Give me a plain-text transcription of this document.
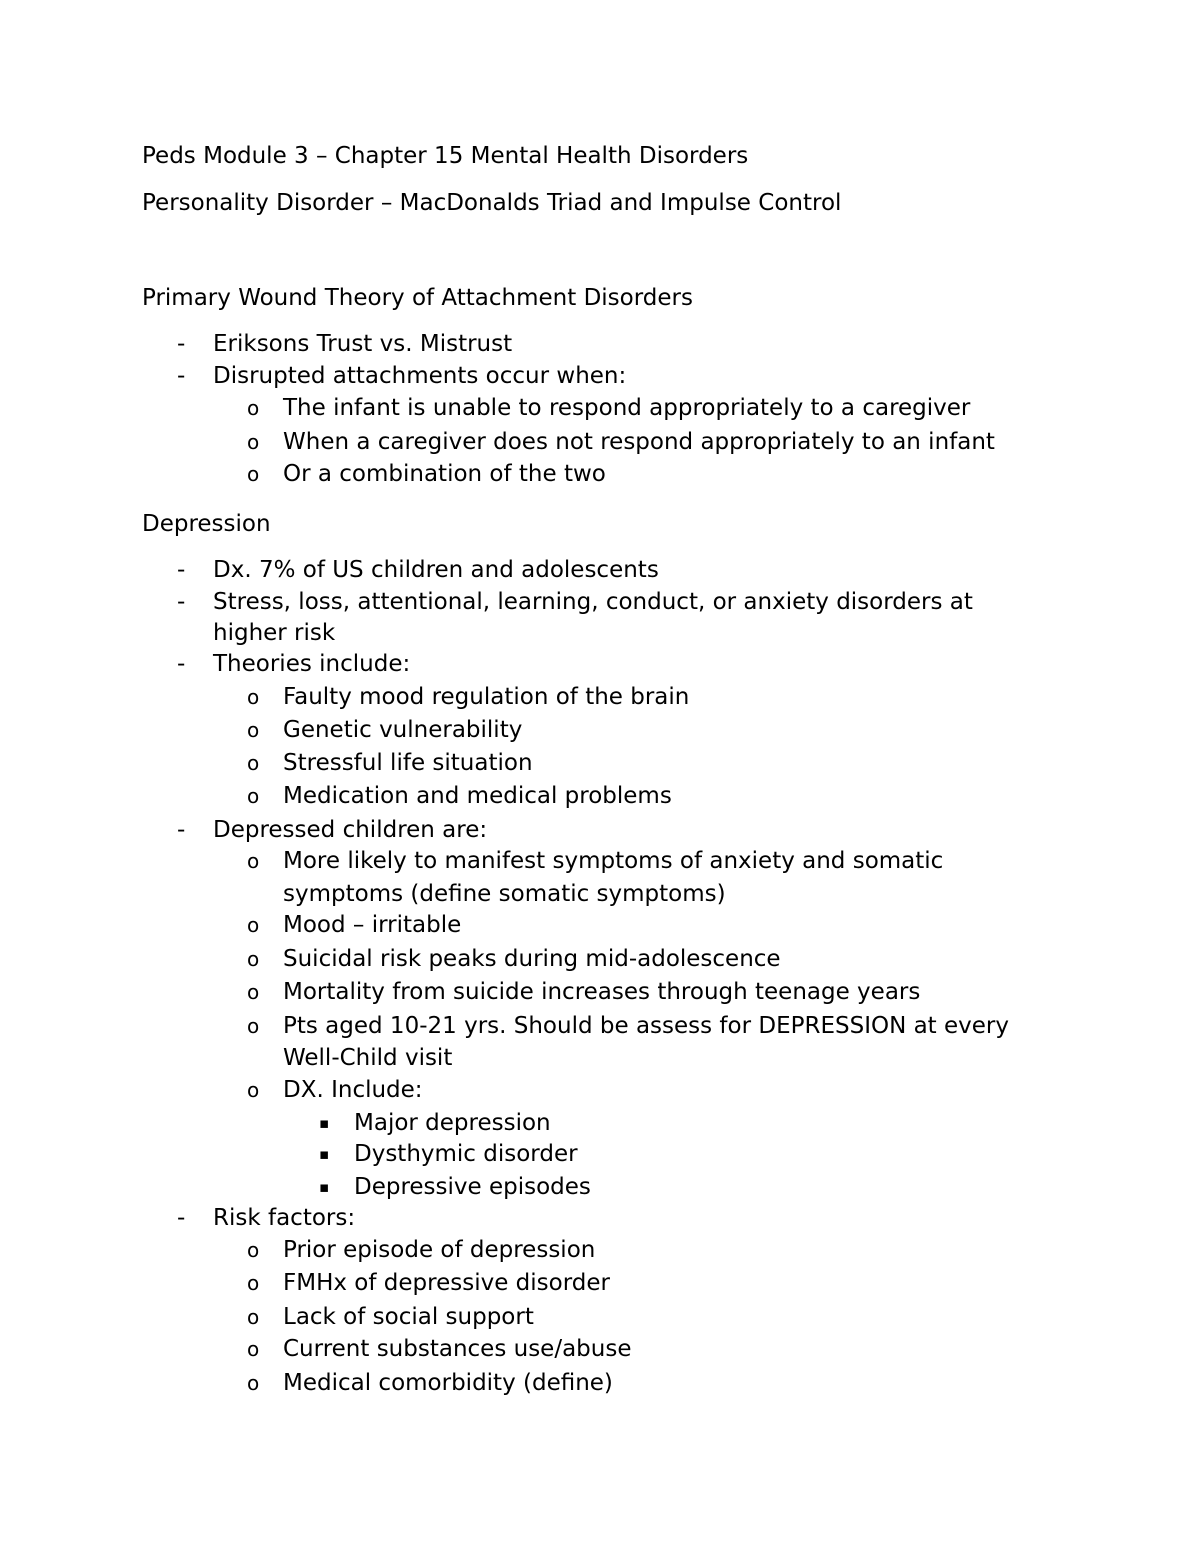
Peds Module 3 – Chapter 15 Mental Health Disorders
Personality Disorder – MacDonalds Triad and Impulse Control
Primary Wound Theory of Attachment Disorders
- Eriksons Trust vs. Mistrust
- Disrupted attachments occur when:
o The infant is unable to respond appropriately to a caregiver
o When a caregiver does not respond appropriately to an infant
o Or a combination of the two
Depression
- Dx. 7% of US children and adolescents
- Stress, loss, attentional, learning, conduct, or anxiety disorders at
higher risk
- Theories include:
o Faulty mood regulation of the brain
o Genetic vulnerability
o Stressful life situation
o Medication and medical problems
- Depressed children are:
o More likely to manifest symptoms of anxiety and somatic
symptoms (define somatic symptoms)
o Mood – irritable
o Suicidal risk peaks during mid-adolescence
o Mortality from suicide increases through teenage years
o Pts aged 10-21 yrs. Should be assess for DEPRESSION at every
Well-Child visit
o DX. Include:
▪ Major depression
▪ Dysthymic disorder
▪ Depressive episodes
- Risk factors:
o Prior episode of depression
o FMHx of depressive disorder
o Lack of social support
o Current substances use/abuse
o Medical comorbidity (define)
